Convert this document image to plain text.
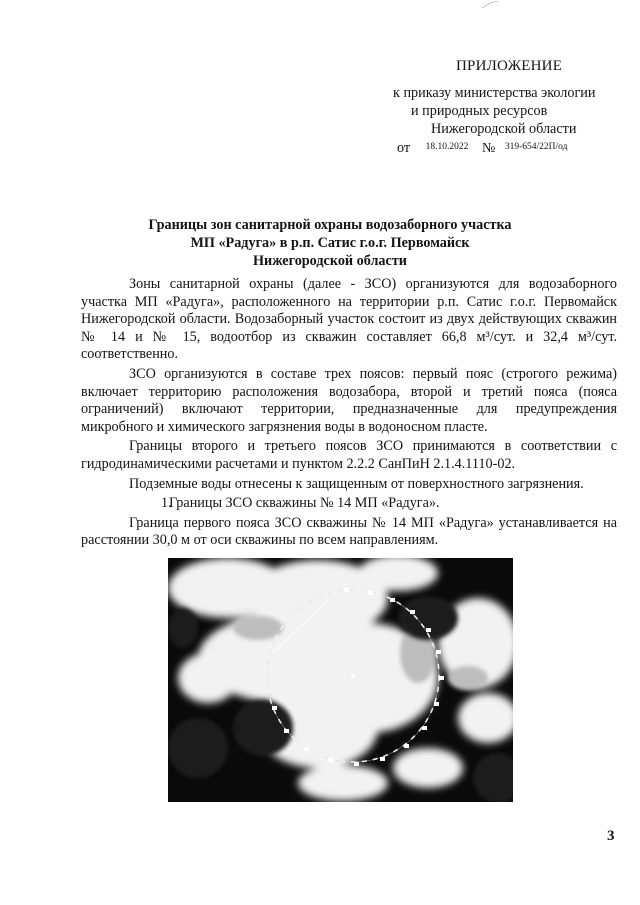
ПРИЛОЖЕНИЕ
к приказу министерства экологии
и природных ресурсов
Нижегородской области
от $^{18.10.2022}$ № $^{319-654/22П/од}$
Границы зон санитарной охраны водозаборного участка
МП «Радуга» в р.п. Сатис г.о.г. Первомайск
Нижегородской области

Зоны санитарной охраны (далее - ЗСО) организуются для водозаборного участка МП «Радуга», расположенного на территории р.п. Сатис г.о.г. Первомайск Нижегородской области. Водозаборный участок состоит из двух действующих скважин № 14 и № 15, водоотбор из скважин составляет 66,8 м³/сут. и 32,4 м³/сут. соответственно.

ЗСО организуются в составе трех поясов: первый пояс (строгого режима) включает территорию расположения водозабора, второй и третий пояса (пояса ограничений) включают территории, предназначенные для предупреждения микробного и химического загрязнения воды в водоносном пласте.

Границы второго и третьего поясов ЗСО принимаются в соответствии с гидродинамическими расчетами и пунктом 2.2.2 СанПиН 2.1.4.1110-02.

Подземные воды отнесены к защищенным от поверхностного загрязнения.

1.Границы ЗСО скважины № 14 МП «Радуга».

Граница первого пояса ЗСО скважины № 14 МП «Радуга» устанавливается на расстоянии 30,0 м от оси скважины по всем направлениям.

3
